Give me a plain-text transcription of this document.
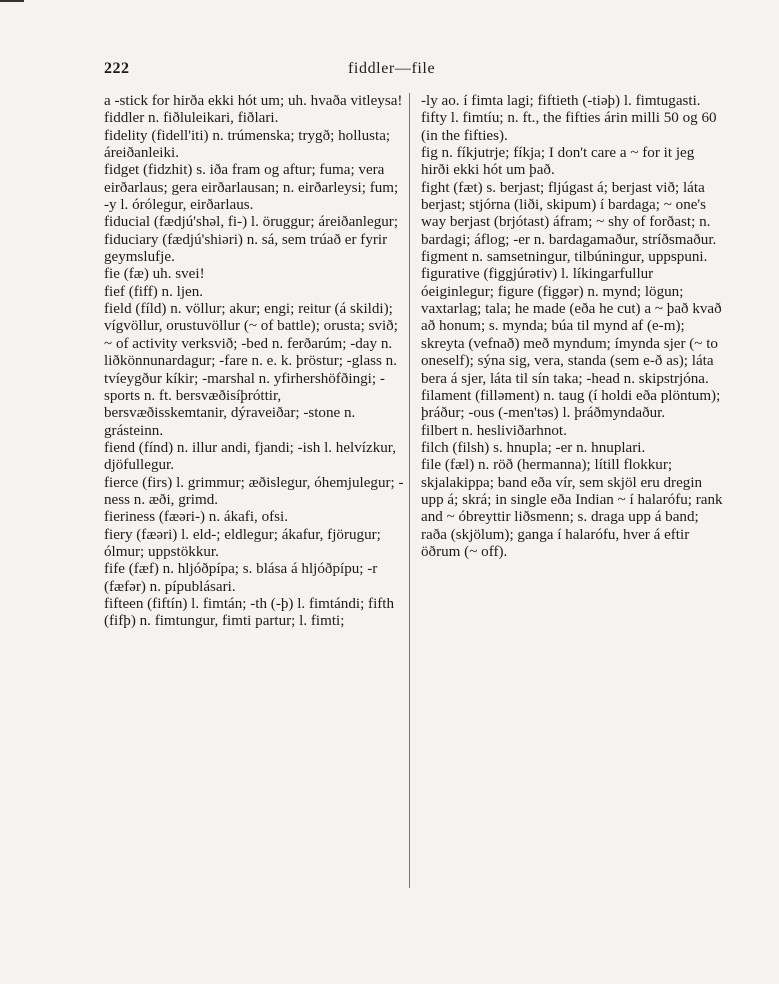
222	fiddler—file

a -stick for hirða ekki hót um; uh. hvaða vitleysa!

fiddler n. fiðluleikari, fiðlari.

fidelity (fidell'iti) n. trúmenska; trygð; hollusta; áreiðanleiki.

fidget (fidzhit) s. iða fram og aftur; fuma; vera eirðarlaus; gera eirðarlausan; n. eirðarleysi; fum; -y l. órólegur, eirðarlaus.

fiducial (fædjú'shəl, fi-) l. öruggur; áreiðanlegur; fiduciary (fædjú'shiəri) n. sá, sem trúað er fyrir geymslufje.

fie (fæ) uh. svei!

fief (fiff) n. ljen.

field (fíld) n. völlur; akur; engi; reitur (á skildi); vígvöllur, orustuvöllur (~ of battle); orusta; svið; ~ of activity verksvið; -bed n. ferðarúm; -day n. liðkönnunardagur; -fare n. e. k. þröstur; -glass n. tvíeygður kíkir; -marshal n. yfirhershöfðingi; -sports n. ft. bersvæðisíþróttir, bersvæðisskemtanir, dýraveiðar; -stone n. grásteinn.

fiend (fínd) n. illur andi, fjandi; -ish l. helvízkur, djöfullegur.

fierce (firs) l. grimmur; æðislegur, óhemjulegur; -ness n. æði, grimd.

fieriness (fæəri-) n. ákafi, ofsi.

fiery (fæəri) l. eld-; eldlegur; ákafur, fjörugur; ólmur; uppstökkur.

fife (fæf) n. hljóðpípa; s. blása á hljóðpípu; -r (fæfər) n. pípublásari.

fifteen (fiftín) l. fimtán; -th (-þ) l. fimtándi; fifth (fifþ) n. fimtungur, fimti partur; l. fimti;

-ly ao. í fimta lagi; fiftieth (-tiəþ) l. fimtugasti.

fifty l. fimtíu; n. ft., the fifties árin milli 50 og 60 (in the fifties).

fig n. fíkjutrje; fíkja; I don't care a ~ for it jeg hirði ekki hót um það.

fight (fæt) s. berjast; fljúgast á; berjast við; láta berjast; stjórna (liði, skipum) í bardaga; ~ one's way berjast (brjótast) áfram; ~ shy of forðast; n. bardagi; áflog; -er n. bardagamaður, stríðsmaður.

figment n. samsetningur, tilbúningur, uppspuni.

figurative (figgjúrətiv) l. líkingarfullur óeiginlegur; figure (figgər) n. mynd; lögun; vaxtarlag; tala; he made (eða he cut) a ~ það kvað að honum; s. mynda; búa til mynd af (e-m); skreyta (vefnað) með myndum; ímynda sjer (~ to oneself); sýna sig, vera, standa (sem e-ð as); láta bera á sjer, láta til sín taka; -head n. skipstrjóna.

filament (filləment) n. taug (í holdi eða plöntum); þráður; -ous (-men'təs) l. þráðmyndaður.

filbert n. hesliviðarhnot.

filch (filsh) s. hnupla; -er n. hnuplari.

file (fæl) n. röð (hermanna); lítill flokkur; skjalakippa; band eða vír, sem skjöl eru dregin upp á; skrá; in single eða Indian ~ í halarófu; rank and ~ óbreyttir liðsmenn; s. draga upp á band; raða (skjölum); ganga í halarófu, hver á eftir öðrum (~ off).
